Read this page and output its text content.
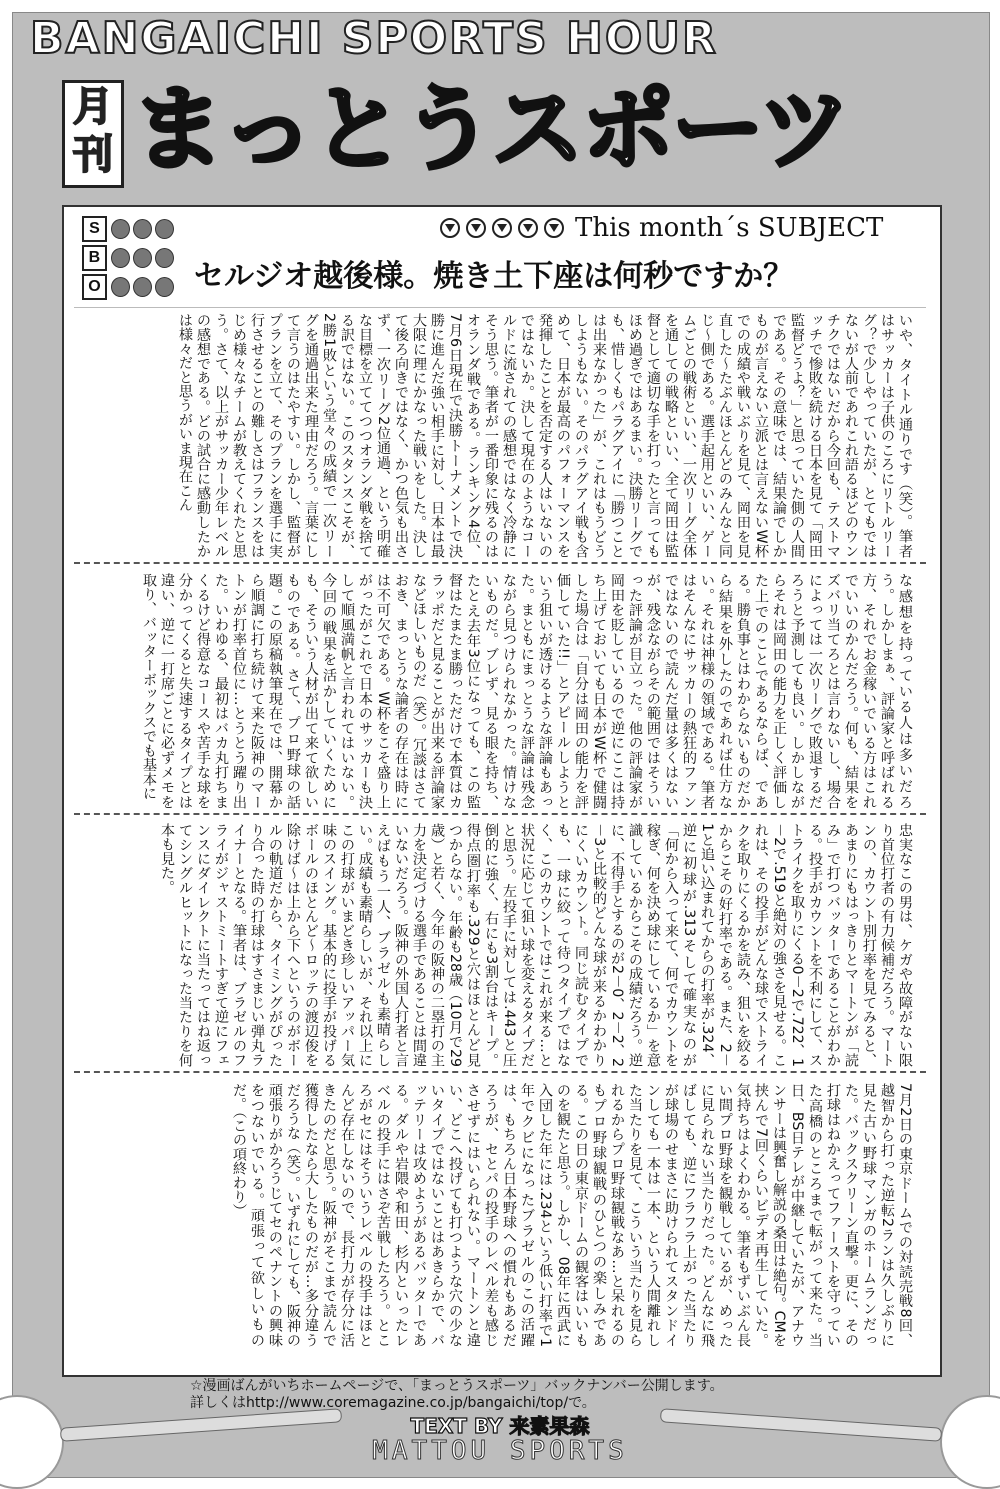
BANGAICHI SPORTS HOUR
月
刊 まっとうスポーツ
S
B
O
This month´s SUBJECT
セルジオ越後様。焼き土下座は何秒ですか？
いや、タイトル通りです（笑）。筆者はサッカーは子供のころにリトルリーグ？で少しやっていたが、とてもではないが人前であれこれ語るほどのウンチクではないだから今回も、テストマッチで惨敗を続ける日本を見て「岡田監督どうよ？」と思っていた側の人間である。その意味では、結果論でしかものが言えない立派とは言えないW杯での成績や戦いぶりを見て、岡田を見直した～たぶんほとんどのみんなと同じ～側である。選手起用といい、ゲームごとの戦術といい、一次リーグ全体を通しての戦略といい、全て岡田は監督として適切な手を打ったと言ってもほめ過ぎではあるまい。決勝リーグでも、惜しくもパラグアイに「勝つことは出来なかった」が、これはもうどうしようもない。そのパラグアイ戦も含めて、日本が最高のパフォーマンスを発揮したことを否定する人はいないのではないか。決して現在のようなコールドに流されての感想ではなく冷静にそう思う。筆者が一番印象に残るのはオランダ戦である。ランキング4位、7月6日現在で決勝トーナメントで決勝に進んだ強い相手に対し、日本は最大限に理にかなった戦いをした。決して後ろ向きではなく、かつ色気も出さず、一次リーグ2位通過、という明確な目標を立ててつつオランダ戦を捨てる訳ではない。このスタンスこそが、2勝1敗という堂々の成績で一次リーグを通過出来た理由だろう。言葉にして言うのはたやすい。しかし、監督がプランを立て、そのプランを選手に実行させることの難しさはフランスをはじめ様々なチームが教えてくれたと思う。さて、以上がサッカー少年レベルの感想である。どの試合に感動したかは様々だと思うがいま現在こん
な感想を持っている人は多いだろう。しかしまぁ、評論家と呼ばれる方、それでお金稼いでいる方はこれでいいのかんだろう。何も、結果をズバリ当てろとは言わないし、場合によっては一次リーグで敗退するだろうと予測しても良い。しかしながらそれは岡田の能力を正しく評価した上でのことであるならば、である。勝負事とはわからないものだから結果を外したのであれば仕方ない。それは神様の領域である。筆者はそんなにサッカーの熱狂的ファンではないので読んだ量は多くはないが、残念ながらその範囲ではそういった評論が目立った。他の評論家が岡田を貶しているので逆にここは持ち上げておいても日本がW杯で健闘した場合は「自分は岡田の能力を評価していた!!」とアピールしようという狙いが透けるような評論もあった。まともにまっとうな評論は残念ながら見つけられなかった。情けないものだ。ブレず、見る眼を持ち、たとえ去年3位になっても、この監督はたまたま勝っただけで本質はカラッポだと見ることが出来る評論家などほしいものだ（笑）。冗談はさておき、まっとうな論者の存在は時には不可欠である。W杯をこそ盛り上がったがこれで日本のサッカーも決して順風満帆と言われてはいない。今回の戦果を活かしていくためにも、そういう人材が出て来て欲しいものである。さて、プロ野球の話題。この原稿執筆現在では、開幕から順調に打ち続けて来た阪神のマートンが打率首位に…とうとう躍り出た。いわゆる、最初はバカ丸打ちまくるけど得意なコースや苦手な球を分かってくると失速するタイプとは違い、逆に一打席ごとに必ずメモを取り、バッターボックスでも基本に
忠実なこの男は、ケガや故障がない限り首位打者の有力候補だろう。マートンの、カウント別打率を見てみると、あまりにもはっきりとマートンが「読み」で打つバッターであることがわかる。投手がカウントを不利にして、ストライクを取りにくる0－2で.722、1－2で.519と絶対の強さを見せる。これは、その投手がどんな球でストライクを取りにくるかを読み、狙いを絞るからこその好打率である。また、2－1と追い込まれてからの打率が.324、逆に初球が.313そして確実なのが「何から入って来て、何でカウントを稼ぎ、何を決め球にしているか」を意識しているからこその成績だろう。逆に、不得手とするのが2－0、2－2、2－3と比較的どんな球が来るかわかりにくいカウント。同じ読むタイプでも、一球に絞って待つタイプではなく、このカウントではこれが来る…と状況に応じて狙い球を変えるタイプだと思う。左投手に対しては.443と圧倒的に強く、右にも3割台はキープ。得点圏打率も.329と穴はほとんど見つからない。年齢も28歳（10月で29歳）と若く、今年の阪神の二塁打の主力を決定づける選手であることは間違いないだろう。阪神の外国人打者と言えばもう一人、ブラゼルも素晴らしい。成績も素晴らしいが、それ以上にこの打球がいまどき珍しいアッパー気味のスイング。基本的に投手が投げるボールのほとんど～ロッテの渡辺俊を除けば～は上から下へというのがボールの軌道だから、タイミングがぴったり合った時の打球はすさまじい弾丸ライナーとなる。筆者は、ブラゼルのフライがジャストミートすぎて逆にフェンスにダイレクトに当たってはね返ってシングルヒットになった当たりを何本も見た。
7月2日の東京ドームでの対読売戦8回、越智から打った逆転2ランは久しぶりに見た古い野球マンガのホームランだった。バックスクリーン直撃。更に、その打球はねかえってファーストを守っていた高橋のところまで転がって来た。当日、BS日テレが中継していたが、アナウンサーは興奮し解説の桑田は絶句。CMを挟んで7回くらいビデオ再生していた。気持ちはよくわかる。筆者もずいぶん長い間プロ野球を観戦しているが、めったに見られない当たりだった。どんなに飛ばしても、逆にフラフラ上がった当たりが球場のせまさに助けられてスタンドインしても一本は一本、という人間離れした当たりを見て、こういう当たりを見られるからプロ野球観戦なあ…と呆れるのもプロ野球観戦のひとつの楽しみである。この日の東京ドームの観客はいいものを観たと思う。しかし、08年に西武に入団した年には.234という低い打率で1年でクビになったブラゼルのこの活躍は、もちろん日本野球への慣れもあるだろうが、セとパの投手のレベル差も感じさせずにはいられない。マートンと違い、どこへ投げても打つような穴の少ないタイプではないことはあきらかで、バッテリーは攻めようがあるバッターである。ダルや岩隈や和田、杉内といったレベルの投手にはさぞ苦戦したろう。ところがセにはそういうレベルの投手はほとんど存在しないので、長打力が存分に活きたのだと思う。阪神がそこまで読んで獲得したなら大したものだが…多分違うだろうな（笑）。いずれにしても、阪神の頑張りがかろうじてセのペナントの興味をつないでいる。頑張って欲しいものだ。（この項終わり）
☆漫画ばんがいちホームページで、「まっとうスポーツ」バックナンバー公開します。
詳しくはhttp://www.coremagazine.co.jp/bangaichi/top/で。
TEXT BY 来素果森
MATTOU SPORTS
